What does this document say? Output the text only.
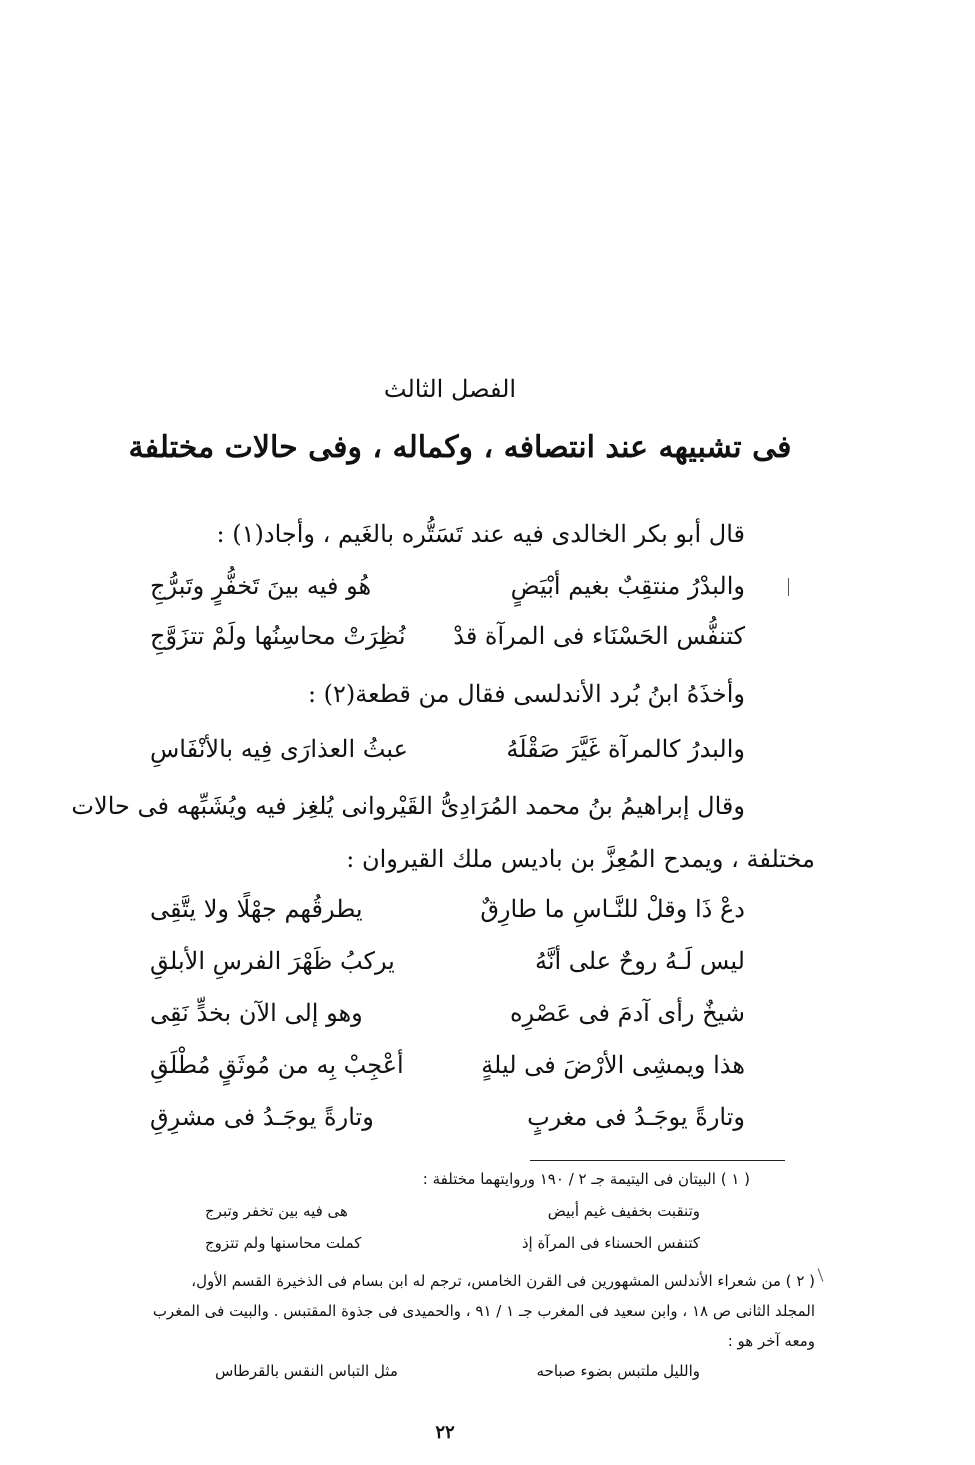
الفصل الثالث
فى تشبيهه عند انتصافه ، وكماله ، وفى حالات مختلفة
قال أبو بكر الخالدى فيه عند تَسَتُّره بالغَيم ، وأجاد(١) :
والبدْرُ منتقِبٌ بغيم أبْيَضٍ
هُو فيه بينَ تَخفُّرٍ وتَبرُّجِ
كتنفُّس الحَسْنَاء فى المرآة قدْ
نُظِرَتْ محاسِنُها ولَمْ تتزَوَّجِ
وأخذَهُ ابنُ بُرد الأندلسى فقال من قطعة(٢) :
والبدرُ كالمرآة غَيَّرَ صَقْلَهُ
عبثُ العذارَى فِيه بالأنْفَاسِ
وقال إبراهيمُ بنُ محمد المُرَادِىُّ القَيْروانى يُلغِز فيه ويُشَبِّهه فى حالات
مختلفة ، ويمدح المُعِزَّ بن باديس ملك القيروان :
دعْ ذَا وقلْ للنَّـاسِ ما طارِقٌ
يطرقُهم جهْلًا ولا يتَّقِى
ليس لَـهُ روحٌ على أنَّهُ
يركبُ ظَهْرَ الفرسِ الأبلقِ
شيخٌ رأى آدمَ فى عَصْرِه
وهو إلى الآن بخدٍّ نَقِى
هذا ويمشِى الأرْضَ فى ليلةٍ
أعْجِبْ بِه من مُوثَقٍ مُطْلَقِ
وتارةً يوجَـدُ فى مغربٍ
وتارةً يوجَـدُ فى مشرِقِ
( ١ ) البيتان فى اليتيمة جـ ٢ / ١٩٠ وروايتهما مختلفة :
وتنقبت بخفيف غيم أبيض
هى فيه بين تخفر وتبرج
كتنفس الحسناء فى المرآة إذ
كملت محاسنها ولم تتزوج
( ٢ ) من شعراء الأندلس المشهورين فى القرن الخامس، ترجم له ابن بسام فى الذخيرة القسم الأول،
المجلد الثانى ص ١٨ ، وابن سعيد فى المغرب جـ ١ / ٩١ ، والحميدى فى جذوة المقتبس . والبيت فى المغرب
ومعه آخر هو :
والليل ملتبس بضوء صباحه
مثل التباس النقس بالقرطاس
٢٢
